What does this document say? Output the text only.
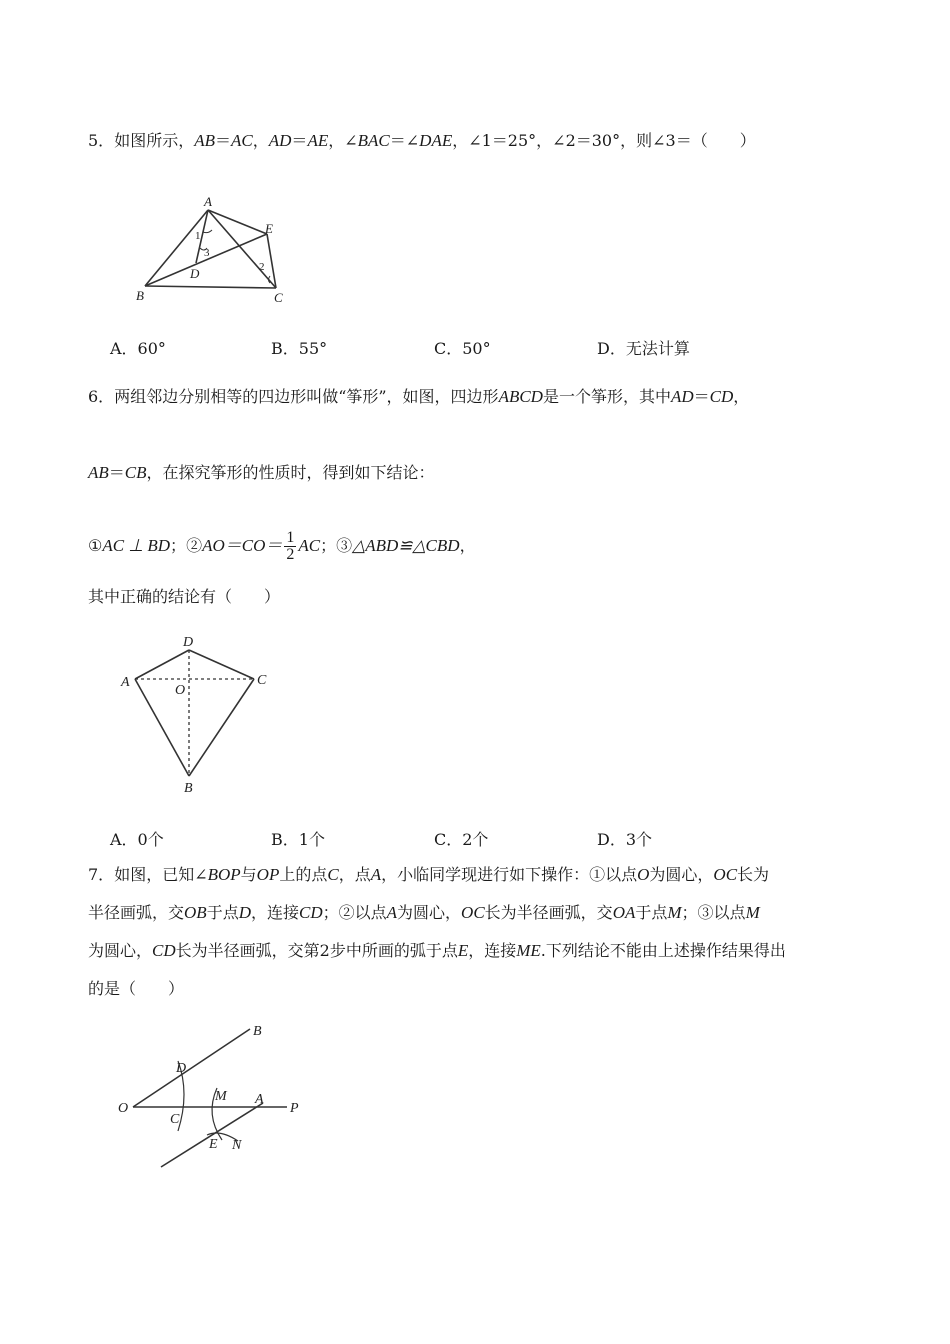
5．如图所示，AB＝AC，AD＝AE，∠BAC＝∠DAE，∠1＝25°，∠2＝30°，则∠3＝（　　）
A
B	C
D
E
1
2
3
A．60°	B．55°	C．50°	D．无法计算
6．两组邻边分别相等的四边形叫做“筝形”，如图，四边形ABCD是一个筝形，其中AD＝CD，
AB＝CB，在探究筝形的性质时，得到如下结论：
①AC ⊥ BD；②AO＝CO＝ $\frac{1}{2}$ AC；③△ABD≌△CBD，
其中正确的结论有（　　）
D
A	C
O
B
A．0个	B．1个	C．2个	D．3个
7．如图，已知∠BOP与OP上的点C，点A，小临同学现进行如下操作：①以点O为圆心，OC长为
半径画弧，交OB于点D，连接CD；②以点A为圆心，OC长为半径画弧，交OA于点M；③以点M
为圆心，CD长为半径画弧，交第2步中所画的弧于点E，连接ME.下列结论不能由上述操作结果得出
的是（　　）
O
B
P
D
C
M A
E N
